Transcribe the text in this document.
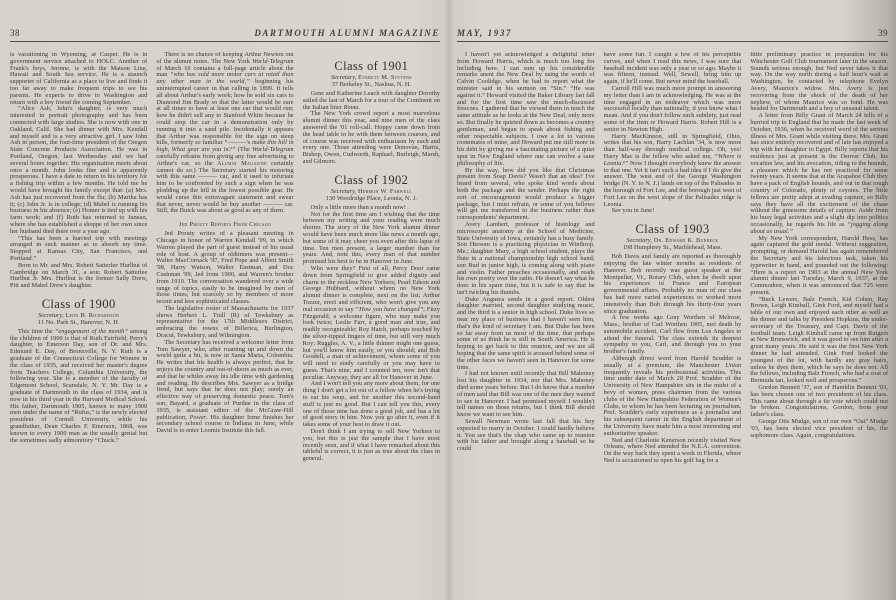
38	DARTMOUTH ALUMNI MAGAZINE

is vacationing in Wyoming, at Casper. He is in government service attached to HOLC. Another of Frank's boys, Jerome, is with the Matson Line, Hawaii and South Sea service. He is a staunch supporter of California as a place to live and finds it too far away to make frequent trips to see his parents. He expects to drive to Washington and return with a boy friend the coming September.

“Alice Ash, John's daughter, is very much interested in portrait photography and has been connected with large studios. She is now with one in Oakland, Calif. She had dinner with Mrs. Kendall and myself and is a very attractive girl. I saw John Ash in person, the four-time president of the Oregon State Concrete Products Association. He was in Portland, Oregon, last Wednesday and we had several hours together. His organization meets about once a month. John looks fine and is apparently prosperous. I have a date to return to his territory for a fishing trip within a few months. He told me he would have brought his family except that: (a) Mrs. Ash has just recovered from the flu; (b) Martha has it; (c) John Jr. is in college; (d) Mabel is running his business in his absence; (e) Homer is tied up with his farm work; and (f) Ruth has returned to Juneau, where she has established a shoppe of her own since her husband died there over a year ago.

“This has been a hurried trip with meetings arranged in such manner as to absorb my time. Stopped at Kansas City, San Francisco, and Portland.”

Born to Mr. and Mrs. Robert Satterlee Hurlbut of Cambridge on March 31, a son: Robert Satterlee Hurlbut Jr. Mrs. Hurlbut is the former Sally Drew, Pitt and Mabel Drew's daughter.

Class of 1900
Secretary, Leon B. Richardson
11 No. Park St., Hanover, N. H.

This time the “engagement of the month” among the children of 1900 is that of Ruth Fairfield, Perry's daughter, to Emerson Day, son of Dr. and Mrs. Edmund E. Day, of Bronxville, N. Y. Ruth is a graduate of the Connecticut College for Women in the class of 1935, and received her master's degree from Teachers College, Columbia University, the following year. She is a member of the faculty of Edgemont School, Scarsdale, N. Y. Mr. Day is a graduate of Dartmouth in the class of 1934, and is now in his third year in the Harvard Medical School. His father, Dartmouth 1905, known to many 1900 men under the name of “Rufus,” is the newly elected president of Cornell University, while his grandfather, Dean Charles F. Emerson, 1868, was known to every 1900 man as the usually genial but the sometimes sadly admonitory “Chuck.”

There is no chance of keeping Arthur Newton out of the alumni notes. The New York World-Telegram of March 10 contains a full-page article about the man “who has sold more motor cars at retail than any other man in the world,” beginning his uninterrupted career in that calling in 1899. It tells all about Arthur's early work; how he sold six cars to Diamond Jim Brady so that the latter would be sure at all times to have at least one car that would run; how he didn't sell any to Stanford White because he could stop the car in a demonstration only by running it into a sand pile. Incidentally it appears that Arthur was responsible for the sign on steep hills, formerly so familiar “———'s make this hill in high, What gear are you in?” (The World-Telegram carefully refrains from giving any free advertising to Arthur's car, so the Alumni Magazine certainly cannot do so.) The Secretary started his motoring with this same ——— car, and it used to infuriate him to be confronted by such a sign when he was plodding up the hill in the lowest possible gear. He would curse this extravagant statement and swear that never, never would he buy another ——— car. Still, the Buick was about as good as any of them.

Jed Prouty Reports From Chicago

Jed Prouty writes of a pleasant meeting in Chicago in honor of Warren Kendall '99, in which Warren played the part of guest instead of his usual role of host. A group of oldtimers was present—Walter MacCornack '97, Fred Pope and Albert Smith '98, Harry Watson, Walter Eastman, and Doc Cushman '99, Jed from 1900, and Warren's brother from 1910. The conversation wandered over a wide range of topics, easily to be imagined by men of those times, but scarcely so by members of more recent and less sophisticated classes.

The legislative roster of Massachusetts for 1937 shows Herbert L. Trull (R) of Tewksbury as representative for the 17th Middlesex District, embracing the towns of Billerica, Burlington, Dracut, Tewksbury, and Wilmington.

The Secretary has received a welcome letter from Tom Sawyer, who, after roaming up and down the world quite a bit, is now in Santa Marta, Colombia. He writes that his health is always perfect, that he enjoys the country and out-of-doors as much as ever, and that he whiles away his idle time with gardening and reading. He describes Mrs. Sawyer as a bridge fiend, but says that he does not play; surely an effective way of preserving domestic peace. Tom's son, Bayard, a graduate of Purdue in the class of 1935, is assistant editor of the McGraw-Hill publication, Power. His daughter Irene finishes her secondary school course in Indiana in June, while David is to enter Loomis Institute this fall.

Class of 1901
Secretary, Everett M. Stevens
37 Berkeley St., Nashua, N. H.

Gene and Katherine Leach with daughter Dorothy sailed the last of March for a tour of the Continent on the Italian liner Roma.

The New York crowd report a most marvelous alumni dinner this year, and nine men of the class answered the '01 roll-call. Hoppy came down from the head table to be with them between courses, and of course was received with enthusiasm by each and every one. Those attending were Donovan, Harris, Bishop, Owen, Cudworth, Raphael, Burleigh, Marsh, and Gilmore.

Class of 1902
Secretary, Hermon W. Farwell
130 Woodridge Place, Leonia, N. J.

Only a little more than a month now!

Not for the first time am I wishing that the time between my writing and your reading were much shorter. The story of the New York alumni dinner would have been much more like news a month ago, but some of it may cheer you even after this lapse of time. Ten men present, a larger number than for years. And, note this, every man of that number promised his best to be in Hanover in June.

Who were they? First of all, Percy Door came down from Springfield to give added dignity and charm to the reckless New Yorkers; Pearl Edson and George Hubbard, without whom no New York alumni dinner is complete, next on the list; Arthur Tozzer, erect and efficient, who won't give you any real occasion to say “How you have changed”; Fitzy Fitzgerald, a welcome figure, who may make you look twice; Leslie Farr, a good man and true, and readily recognizable; Roy Hatch, perhaps touched by the silver-tipped fingers of time, but still very much Roy; Ruggles, A. V., a little thinner might one guess, but you'll know him easily, or you should; and Bob Goodell, a man of achievement, whom some of you will need to study carefully or you may have to guess. That's nine, and I counted ten, now isn't that peculiar. Anyway, they are all for Hanover in June.

And I won't tell you any more about them, for one thing I don't get a lot out of a fellow when he's trying to eat his soup, and for another this second-hand stuff is just no good. But I can tell you this, every one of those nine has done a good job, and has a lot of good story in him. Now you go after it, even if it takes some of your best to draw it out.

Don't think I am trying to sell New Yorkers to you, but this is just the sample that I have most recently seen, and if what I have remarked about this tableful is correct, it is just as true about the class in general.

MAY, 1937	39

I haven't yet acknowledged a delightful letter from Howard Harris, which is much too long for including here. I can sum up his considerable remarks anent the New Deal by using the words of Calvin Coolidge, when he had to report what the minister said in his sermon on “Sin.” “He was against it.” Howard visited the Baker Library last fall and for the first time saw the much-discussed frescoes. I gathered that he viewed them in much the same attitude as he looks at the New Deal, only more so. But finally he quieted down as becomes a country gentleman, and began to speak about fishing and other respectable subjects. I owe a lot to various roommates of mine, and Howard put me still more in his debt by giving me a fascinating picture of a quiet spot in New England where one can evolve a sane philosophy of life.

By the way, how did you like that Christmas present from Soap Davis? Wasn't that an idea? I've heard from several, who spoke kind words about both the package and the sender. Perhaps the right sort of encouragement would produce a bigger package, but I must refrain, or some of you fellows will get me transferred to the business rather than correspondents' department.

Avery Lambert, professor of histology and microscopic anatomy at the School of Medicine, State University of Iowa, certainly has a busy family. Son Hersom is a practising physician in Winthrop, Me.; daughter Mary, a high school student, plays the flute in a national championship high school band; son Bud in junior high, is coming along with piano and violin. Father preaches occasionally, and reads his own poetry over the radio. He doesn't say what he does in his spare time, but it is safe to say that he isn't twirling his thumbs.

Duke Anguera sends in a good report. Oldest daughter married, second daughter studying music, and the third is a senior in high school. Duke lives so near my place of business that I haven't seen him, that's the kind of secretary I am. But Duke has been so far away from us most of the time, that perhaps some of us think he is still in South America. He is hoping to get back to this reunion, and we are all hoping that the same spirit is aroused behind some of the other faces we haven't seen in Hanover for some time.

I had not known until recently that Bill Mahoney lost his daughter in 1934, nor that Mrs. Mahoney died some years before. But I do know that a number of men said that Bill was one of the men they wanted to see in Hanover. I had promised myself I wouldn't tell names on those returns, but I think Bill should know we want to see him.

Sewall Newman wrote last fall that his boy expected to marry in October. I could hardly believe it. You see that's the chap who came up to reunion with his father and brought along a baseball so he could

have some fun. I caught a few of his perceptible curves, and when I read this news, I was sure that baseball incident was only a year or so ago. Maybe it was fifteen, instead. Well, Sewell, bring him up again, if he'll come. But never mind the baseball.

Carroll Hill was much more prompt in answering my letter than I am in acknowledging. He was at the time engaged in an endeavor which was more successful locally than nationally, if you know what I mean. And if you don't follow such subtlety, just read some of the item re Howard Harris. Robert Hill is a senior in Newton High.

Harry MacKinnon, still in Springfield, Ohio, writes that his son, Harry Lachlan '34, is now more than half-way through medical college. Oh, yes! Harry Mac is the fellow who asked me, “Where is Leonia?” Now I thought everybody knew the answer to that one. Yet it isn't such a bad idea if I do give the answer. The west end of the George Washington bridge (N. Y. to N. J.) lands on top of the Palisades in the borough of Fort Lee, and the borough just west of Fort Lee on the west slope of the Palisades ridge is Leonia.

See you in June!

Class of 1903
Secretary, Dr. Edward K. Burbeck
198 Humphrey St., Marblehead, Mass.

Bob Davis and family are reported as thoroughly enjoying the late winter months as residents of Hanover. Bob recently was guest speaker at the Montpelier, Vt., Rotary Club, when he dwelt upon his experiences in France and European governmental affairs. Probably no man of our class has had more varied experiences or worked more intensively than Bob through his thirty-four years since graduation.

A few weeks ago Gray Worthen of Melrose, Mass., brother of Carl Worthen 1905, met death by automobile accident. Carl flew from Los Angeles to attend the funeral. The class extends its deepest sympathy to you, Carl, and through you to your brother's family.

Although direct word from Harold Scudder is usually at a premium, the Manchester Union frequently reveals his professional activities. This time under date of March 20 Prof. Scudder of the University of New Hampshire sits in the midst of a bevy of women, press chairmen from the various clubs of the New Hampshire Federation of Women's Clubs, to whom he has been lecturing on journalism. Prof. Scudder's early experience as a journalist and his subsequent career in the English department of the University have made him a most interesting and authoritative speaker.

Ned and Charlotte Kenerson recently visited New Orleans, where Ned attended the N.E.A. convention. On the way back they spent a week in Florida, where Ned is accustomed to open his golf bag for a

little preliminary practice in preparation for his Winchester Golf Club tournament later in the season. Sounds serious enough, but Ned never takes it that way. On the way north during a half hour's wait at Washington, he contacted by telephone Evelyn Avery, Maurice's widow. Mrs. Avery is just recovering from the shock of the death of her nephew, of whom Maurice was so fond. He was headed for Dartmouth and a boy of unusual talent.

A letter from Billy Grant of March 24 tells of a hurried trip to England that he made the last week of October, 1936, when he received word of the serious illness of Mrs. Grant while visiting there. Mrs. Grant has since entirely recovered and of late has enjoyed a trip with her daughter to Egypt. Billy reports that his residence just at present is the Denver Club, his vocation law, and his avocation, riding to the hounds, a pleasure which he has not practiced for some twenty years. It seems that at the Arapahoe Club they have a pack of English hounds, and out in that rough country of Colorado, plenty of coyotes. The little fellows are pretty adept at evading capture, so Billy says they have all the excitement of the chase without the gruesome details of capture. Aside from his busy legal activities and a slight dip into politics occasionally, he regards his life as “jogging along about as usual.”

My New York correspondent, Harold Hess, has again captured the gold medal. Without suggestion, prompting, or demand Harold has again remembered the Secretary and his laborious task, taken his typewriter in hand, and pounded out the following: “Here is a report on 1903 at the annual New York alumni dinner last Tuesday, March 9, 1937, at the Commodore, when it was announced that 725 were present.

“Buck Lewers, Balz French, Kid Cohen, Ray Brown, Leigh Kimball, Gink Ford, and myself had a table of our own and enjoyed each other as well as the dinner and talks by President Hopkins, the under-secretary of the Treasury, and Capt. Davis of the football team. Leigh Kimball came up from Rutgers at New Brunswick, and it was good to see him after a great many years. He said it was the first New York dinner he had attended. Gink Ford looked the youngest of the lot, with hardly any gray hairs, unless he dyes them, which he says he does not. All the fellows, including Balz French, who had a coat of Bermuda tan, looked well and prosperous.”

Gordon Bennett '37, son of Hamblin Bennett '03, has been chosen one of two presidents of his class. This came about through a tie vote which could not be broken. Congratulations, Gordon, from your father's class.

George Otis Mudge, son of our own “Oat” Mudge '03, has been elected vice president of his, the sophomore class. Again, congratulations.
